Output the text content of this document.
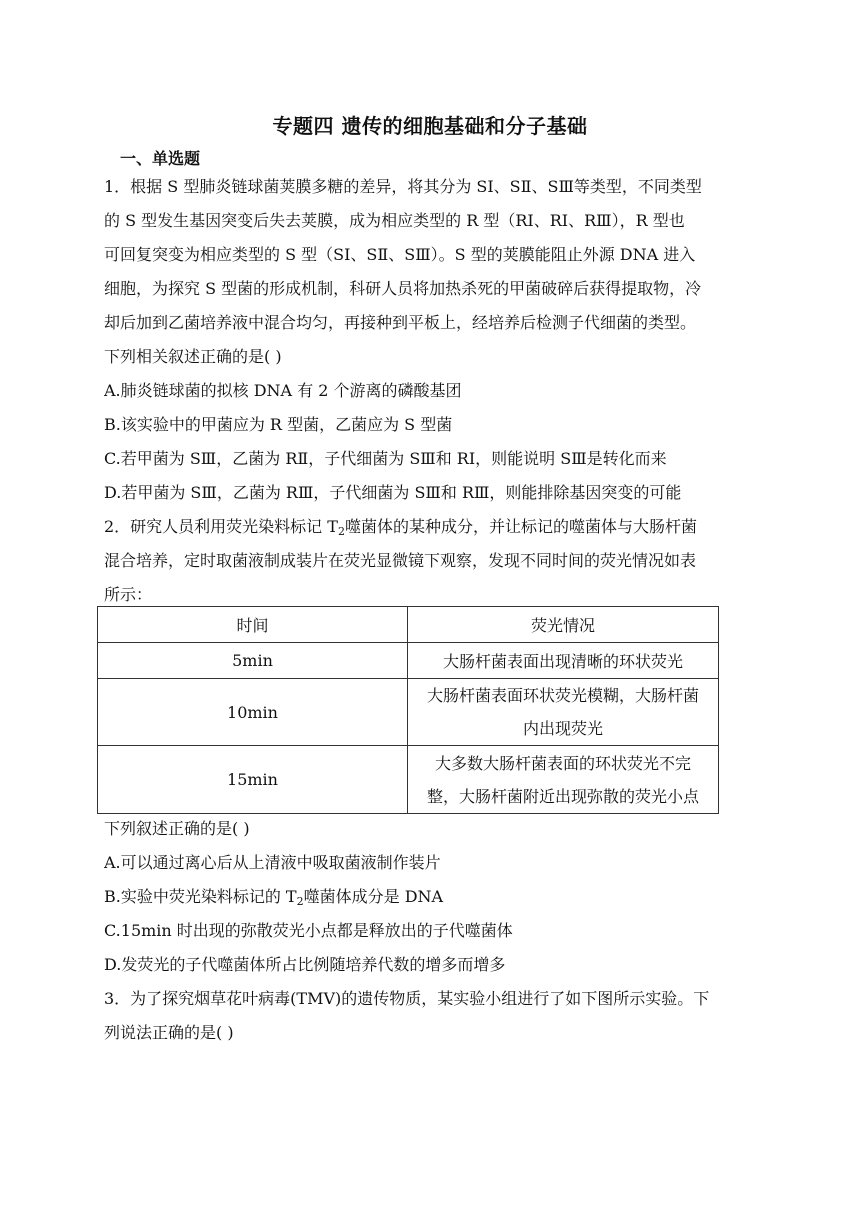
专题四 遗传的细胞基础和分子基础
一、单选题
1．根据 S 型肺炎链球菌荚膜多糖的差异，将其分为 SⅠ、SⅡ、SⅢ等类型，不同类型
的 S 型发生基因突变后失去荚膜，成为相应类型的 R 型（RⅠ、RⅠ、RⅢ），R 型也
可回复突变为相应类型的 S 型（SⅠ、SⅡ、SⅢ）。S 型的荚膜能阻止外源 DNA 进入
细胞，为探究 S 型菌的形成机制，科研人员将加热杀死的甲菌破碎后获得提取物，冷
却后加到乙菌培养液中混合均匀，再接种到平板上，经培养后检测子代细菌的类型。
下列相关叙述正确的是( )
A.肺炎链球菌的拟核 DNA 有 2 个游离的磷酸基团
B.该实验中的甲菌应为 R 型菌，乙菌应为 S 型菌
C.若甲菌为 SⅢ，乙菌为 RⅡ，子代细菌为 SⅢ和 RⅠ，则能说明 SⅢ是转化而来
D.若甲菌为 SⅢ，乙菌为 RⅢ，子代细菌为 SⅢ和 RⅢ，则能排除基因突变的可能
2．研究人员利用荧光染料标记 $T_2$噬菌体的某种成分，并让标记的噬菌体与大肠杆菌
混合培养，定时取菌液制成装片在荧光显微镜下观察，发现不同时间的荧光情况如表
所示：
时间	荧光情况
5min	大肠杆菌表面出现清晰的环状荧光

10min	大肠杆菌表面环状荧光模糊，大肠杆菌
内出现荧光

15min	大多数大肠杆菌表面的环状荧光不完
整，大肠杆菌附近出现弥散的荧光小点
下列叙述正确的是( )
A.可以通过离心后从上清液中吸取菌液制作装片
B.实验中荧光染料标记的 $T_2$噬菌体成分是 DNA
C.15min 时出现的弥散荧光小点都是释放出的子代噬菌体
D.发荧光的子代噬菌体所占比例随培养代数的增多而增多
3．为了探究烟草花叶病毒(TMV)的遗传物质，某实验小组进行了如下图所示实验。下
列说法正确的是( )
